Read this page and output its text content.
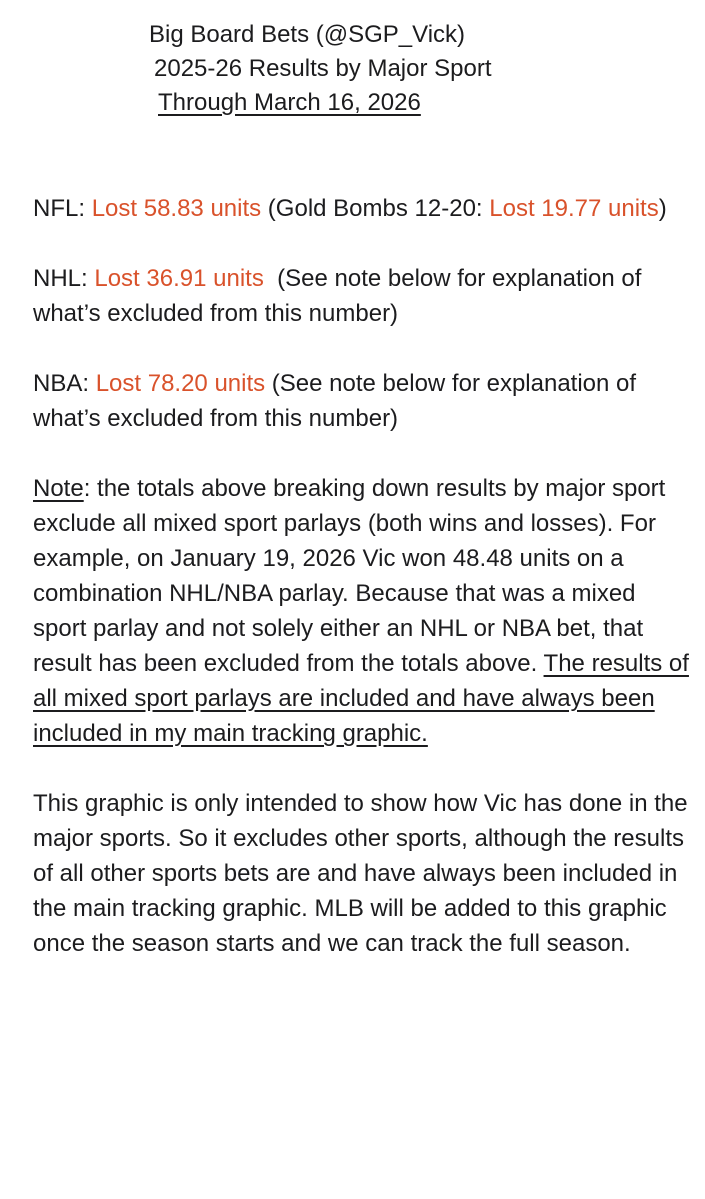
Big Board Bets (@SGP_Vick)
2025-26 Results by Major Sport
Through March 16, 2026

NFL: Lost 58.83 units (Gold Bombs 12-20: Lost 19.77 units)

NHL: Lost 36.91 units  (See note below for explanation of what’s excluded from this number)

NBA: Lost 78.20 units (See note below for explanation of what’s excluded from this number)

Note: the totals above breaking down results by major sport exclude all mixed sport parlays (both wins and losses). For example, on January 19, 2026 Vic won 48.48 units on a combination NHL/NBA parlay. Because that was a mixed sport parlay and not solely either an NHL or NBA bet, that result has been excluded from the totals above. The results of all mixed sport parlays are included and have always been included in my main tracking graphic.

This graphic is only intended to show how Vic has done in the major sports. So it excludes other sports, although the results of all other sports bets are and have always been included in the main tracking graphic. MLB will be added to this graphic once the season starts and we can track the full season.
